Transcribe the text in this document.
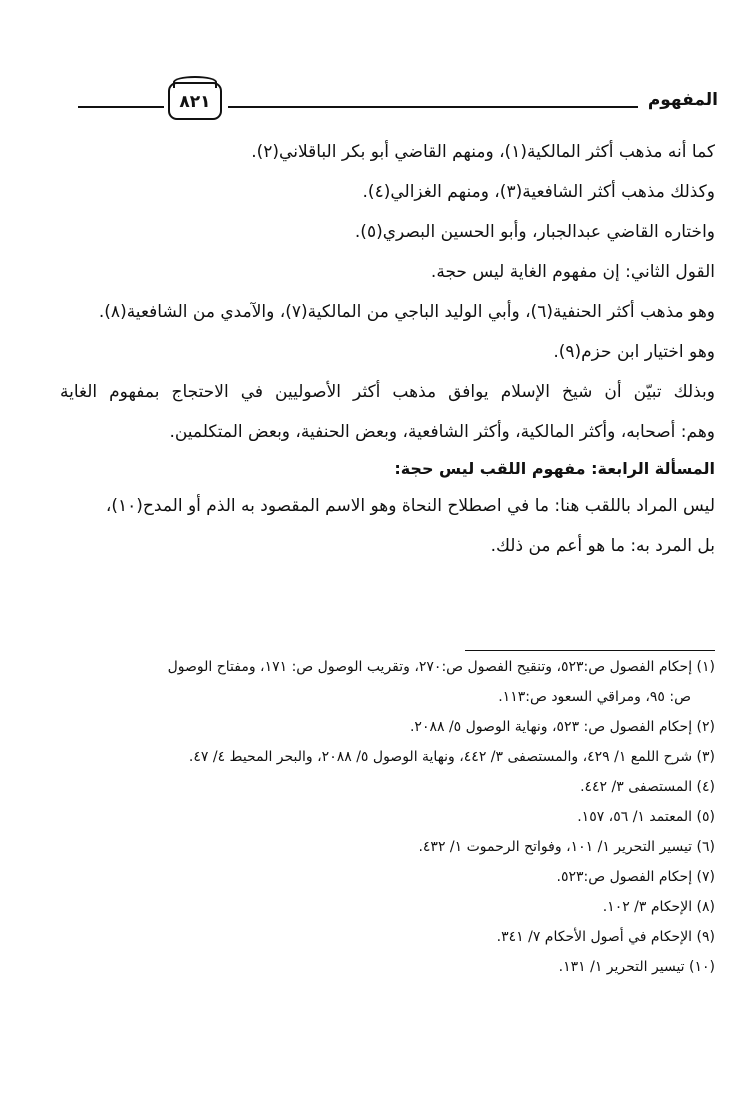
٨٢١	المفهوم
كما أنه مذهب أكثر المالكية(١)، ومنهم القاضي أبو بكر الباقلاني(٢).
وكذلك مذهب أكثر الشافعية(٣)، ومنهم الغزالي(٤).
واختاره القاضي عبدالجبار، وأبو الحسين البصري(٥).
القول الثاني: إن مفهوم الغاية ليس حجة.
وهو مذهب أكثر الحنفية(٦)، وأبي الوليد الباجي من المالكية(٧)، والآمدي من الشافعية(٨).
وهو اختيار ابن حزم(٩).
وبذلك تبيّن أن شيخ الإسلام يوافق مذهب أكثر الأصوليين في الاحتجاج بمفهوم الغاية
وهم: أصحابه، وأكثر المالكية، وأكثر الشافعية، وبعض الحنفية، وبعض المتكلمين.
المسألة الرابعة: مفهوم اللقب ليس حجة:
ليس المراد باللقب هنا: ما في اصطلاح النحاة وهو الاسم المقصود به الذم أو المدح(١٠)،
بل المرد به: ما هو أعم من ذلك.
(١) إحكام الفصول ص:٥٢٣، وتنقيح الفصول ص:٢٧٠، وتقريب الوصول ص: ١٧١، ومفتاح الوصول
ص: ٩٥، ومراقي السعود ص:١١٣.
(٢) إحكام الفصول ص: ٥٢٣، ونهاية الوصول ٥/ ٢٠٨٨.
(٣) شرح اللمع ١/ ٤٢٩، والمستصفى ٣/ ٤٤٢، ونهاية الوصول ٥/ ٢٠٨٨، والبحر المحيط ٤/ ٤٧.
(٤) المستصفى ٣/ ٤٤٢.
(٥) المعتمد ١/ ٥٦، ١٥٧.
(٦) تيسير التحرير ١/ ١٠١، وفواتح الرحموت ١/ ٤٣٢.
(٧) إحكام الفصول ص:٥٢٣.
(٨) الإحكام ٣/ ١٠٢.
(٩) الإحكام في أصول الأحكام ٧/ ٣٤١.
(١٠) تيسير التحرير ١/ ١٣١.
